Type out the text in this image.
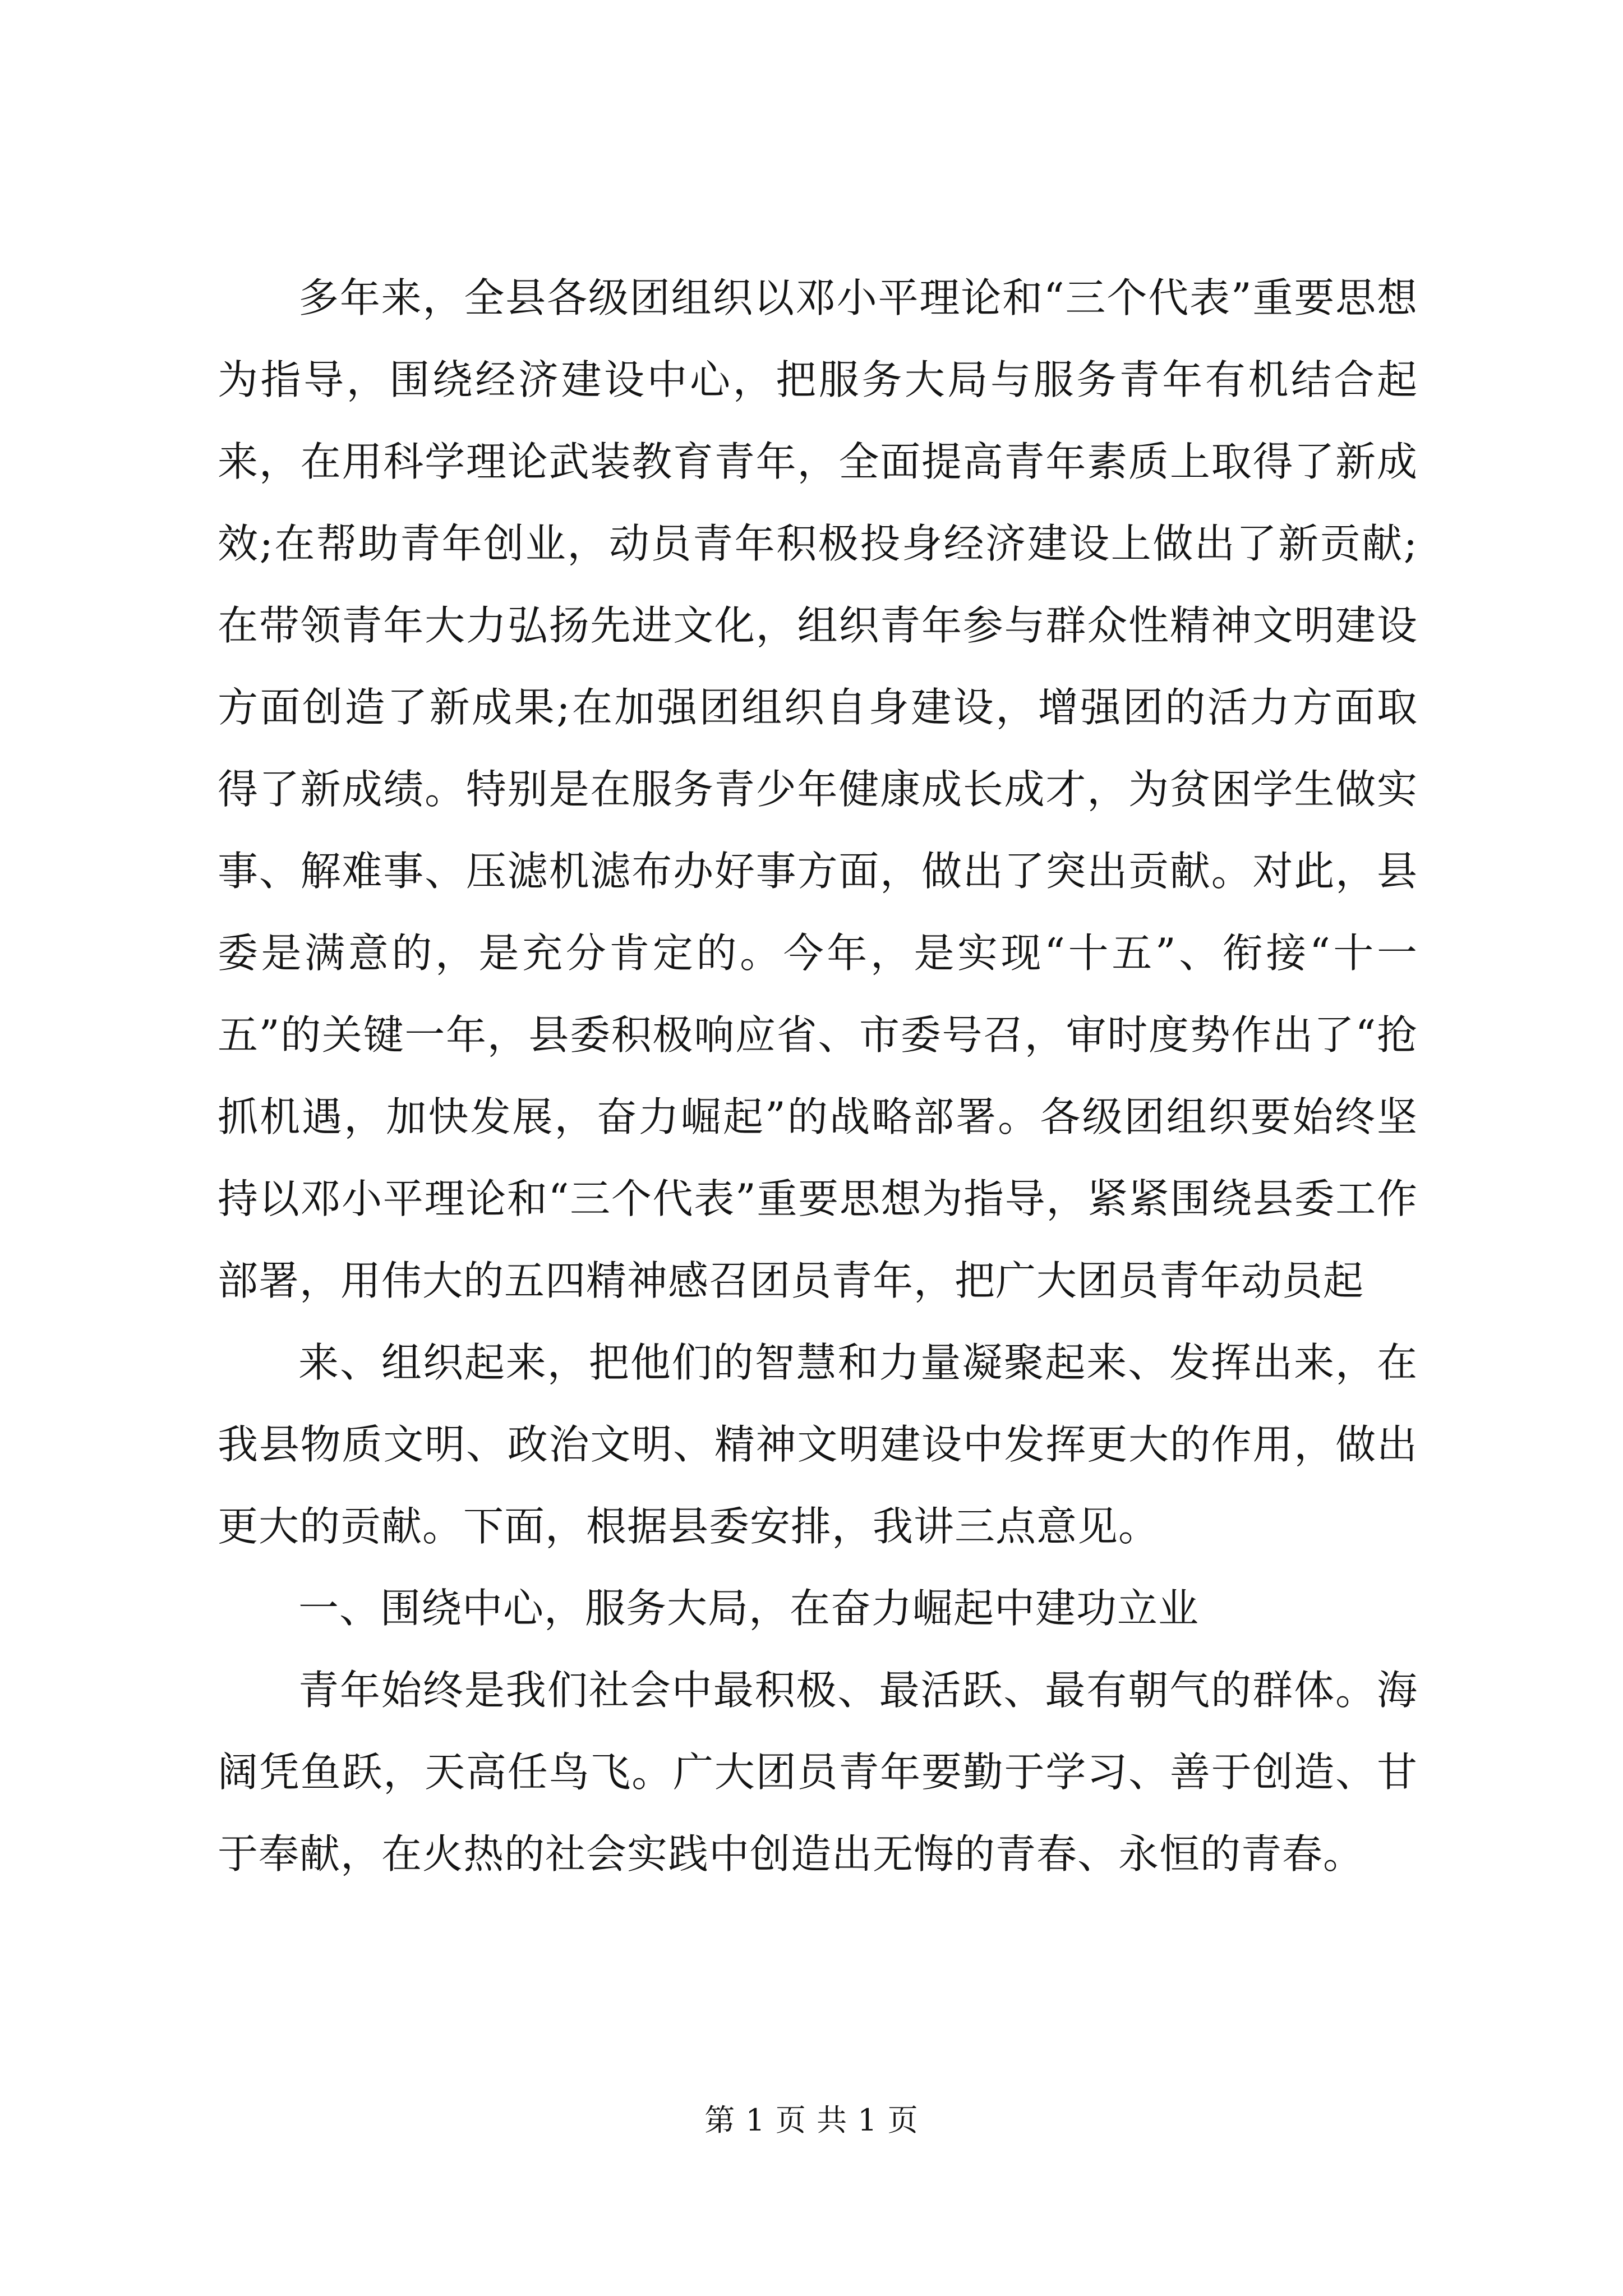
多年来，全县各级团组织以邓小平理论和“三个代表”重要思想为指导，围绕经济建设中心，把服务大局与服务青年有机结合起来，在用科学理论武装教育青年，全面提高青年素质上取得了新成效;在帮助青年创业，动员青年积极投身经济建设上做出了新贡献;在带领青年大力弘扬先进文化，组织青年参与群众性精神文明建设方面创造了新成果;在加强团组织自身建设，增强团的活力方面取得了新成绩。特别是在服务青少年健康成长成才，为贫困学生做实事、解难事、压滤机滤布办好事方面，做出了突出贡献。对此，县委是满意的，是充分肯定的。今年，是实现“十五”、衔接“十一五”的关键一年，县委积极响应省、市委号召，审时度势作出了“抢抓机遇，加快发展，奋力崛起”的战略部署。各级团组织要始终坚持以邓小平理论和“三个代表”重要思想为指导，紧紧围绕县委工作部署，用伟大的五四精神感召团员青年，把广大团员青年动员起

来、组织起来，把他们的智慧和力量凝聚起来、发挥出来，在我县物质文明、政治文明、精神文明建设中发挥更大的作用，做出更大的贡献。下面，根据县委安排，我讲三点意见。

一、围绕中心，服务大局，在奋力崛起中建功立业

青年始终是我们社会中最积极、最活跃、最有朝气的群体。海阔凭鱼跃，天高任鸟飞。广大团员青年要勤于学习、善于创造、甘于奉献，在火热的社会实践中创造出无悔的青春、永恒的青春。

第 1 页 共 1 页
